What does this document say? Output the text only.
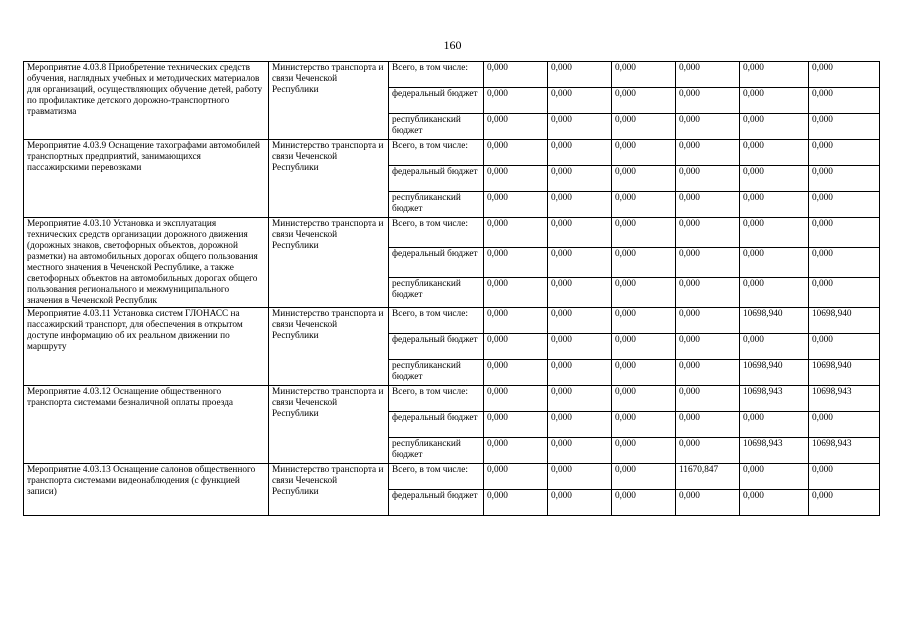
160
Мероприятие 4.03.8 Приобретение технических средств обучения, наглядных учебных и методических материалов для организаций, осуществляющих обучение детей, работу по профилактике детского дорожно-транспортного травматизма	Министерство транспорта и связи Чеченской Республики	Всего, в том числе:	0,000	0,000	0,000	0,000	0,000	0,000
		федеральный бюджет	0,000	0,000	0,000	0,000	0,000	0,000
		республиканский бюджет	0,000	0,000	0,000	0,000	0,000	0,000
Мероприятие 4.03.9 Оснащение тахографами автомобилей транспортных предприятий, занимающихся пассажирскими перевозками	Министерство транспорта и связи Чеченской Республики	Всего, в том числе:	0,000	0,000	0,000	0,000	0,000	0,000
		федеральный бюджет	0,000	0,000	0,000	0,000	0,000	0,000
		республиканский бюджет	0,000	0,000	0,000	0,000	0,000	0,000
Мероприятие 4.03.10 Установка и эксплуатация технических средств организации дорожного движения (дорожных знаков, светофорных объектов, дорожной разметки) на автомобильных дорогах общего пользования местного значения в Чеченской Республике, а также светофорных объектов на автомобильных дорогах общего пользования регионального и межмуниципального значения в Чеченской Республик	Министерство транспорта и связи Чеченской Республики	Всего, в том числе:	0,000	0,000	0,000	0,000	0,000	0,000
		федеральный бюджет	0,000	0,000	0,000	0,000	0,000	0,000
		республиканский бюджет	0,000	0,000	0,000	0,000	0,000	0,000
Мероприятие 4.03.11 Установка систем ГЛОНАСС на пассажирский транспорт, для обеспечения в открытом доступе информацию об их реальном движении по маршруту	Министерство транспорта и связи Чеченской Республики	Всего, в том числе:	0,000	0,000	0,000	0,000	10698,940	10698,940
		федеральный бюджет	0,000	0,000	0,000	0,000	0,000	0,000
		республиканский бюджет	0,000	0,000	0,000	0,000	10698,940	10698,940
Мероприятие 4.03.12 Оснащение общественного транспорта системами безналичной оплаты проезда	Министерство транспорта и связи Чеченской Республики	Всего, в том числе:	0,000	0,000	0,000	0,000	10698,943	10698,943
		федеральный бюджет	0,000	0,000	0,000	0,000	0,000	0,000
		республиканский бюджет	0,000	0,000	0,000	0,000	10698,943	10698,943
Мероприятие 4.03.13 Оснащение салонов общественного транспорта системами видеонаблюдения (с функцией записи)	Министерство транспорта и связи Чеченской Республики	Всего, в том числе:	0,000	0,000	0,000	11670,847	0,000	0,000
		федеральный бюджет	0,000	0,000	0,000	0,000	0,000	0,000
